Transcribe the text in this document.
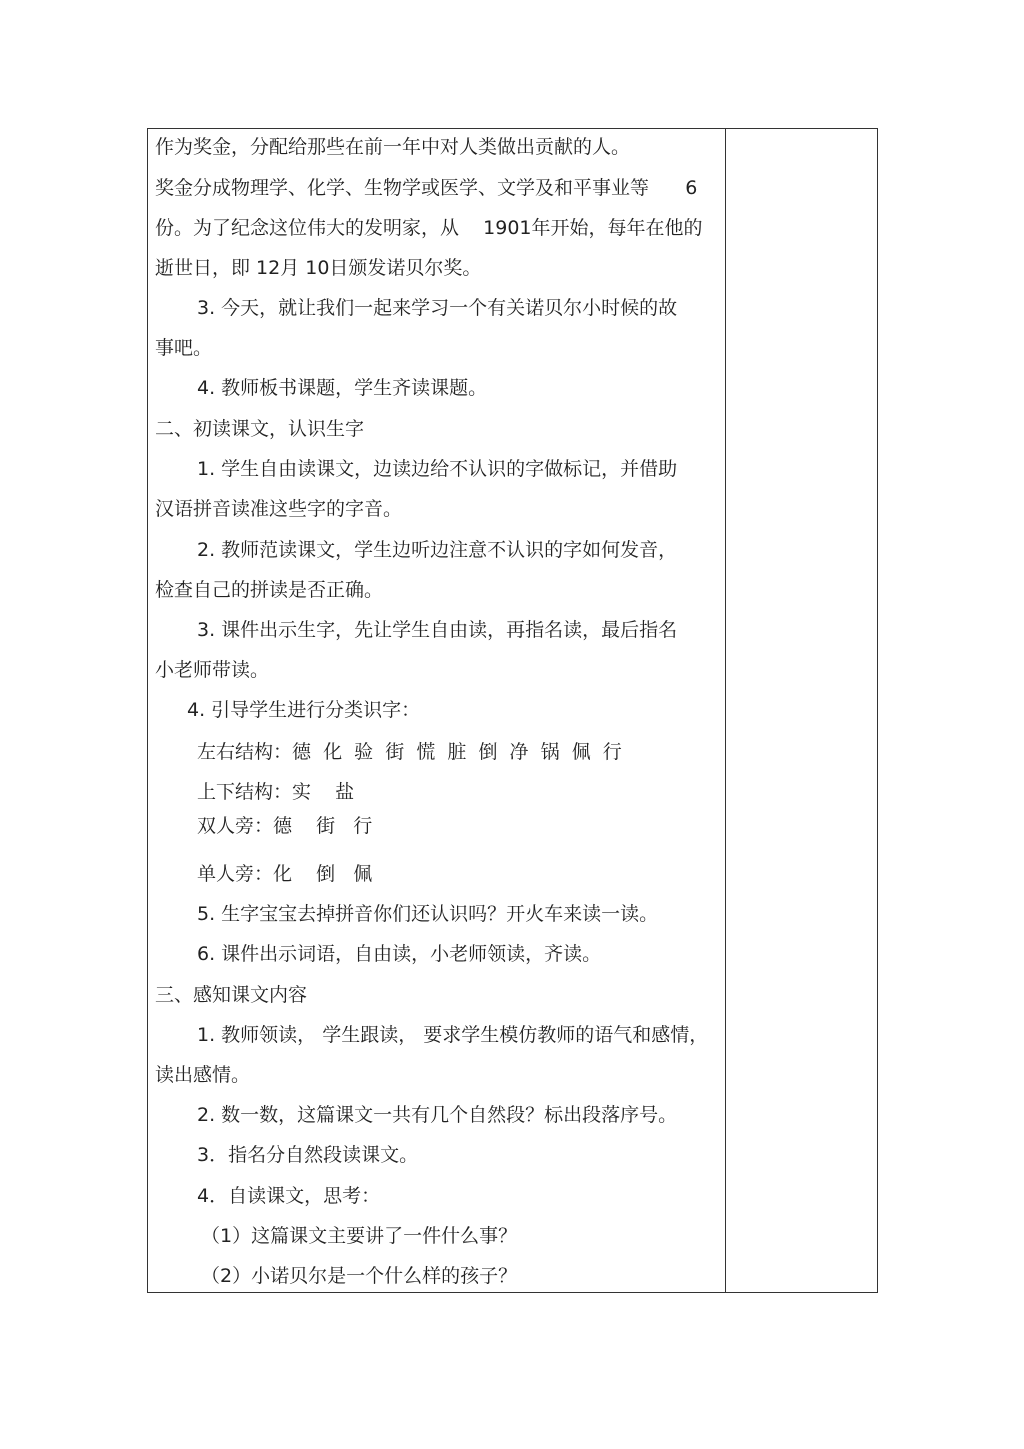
作为奖金，分配给那些在前一年中对人类做出贡献的人。
奖金分成物理学、化学、生物学或医学、文学及和平事业等      6
份。为了纪念这位伟大的发明家，从    1901年开始，每年在他的
逝世日，即 12月 10日颁发诺贝尔奖。
3. 今天，就让我们一起来学习一个有关诺贝尔小时候的故
事吧。
4. 教师板书课题，学生齐读课题。
二、初读课文，认识生字
1. 学生自由读课文，边读边给不认识的字做标记，并借助
汉语拼音读准这些字的字音。
2. 教师范读课文，学生边听边注意不认识的字如何发音，
检查自己的拼读是否正确。
3. 课件出示生字，先让学生自由读，再指名读，最后指名
小老师带读。
4. 引导学生进行分类识字：
左右结构：德  化  验  街  慌  脏  倒  净  锅  佩  行
上下结构：实    盐
双人旁：德    街   行
单人旁：化    倒   佩
5. 生字宝宝去掉拼音你们还认识吗？开火车来读一读。
6. 课件出示词语，自由读，小老师领读，齐读。
三、感知课文内容
1. 教师领读， 学生跟读， 要求学生模仿教师的语气和感情，
读出感情。
2. 数一数，这篇课文一共有几个自然段？标出段落序号。
3．指名分自然段读课文。
4．自读课文，思考：
（1）这篇课文主要讲了一件什么事？
（2）小诺贝尔是一个什么样的孩子？
